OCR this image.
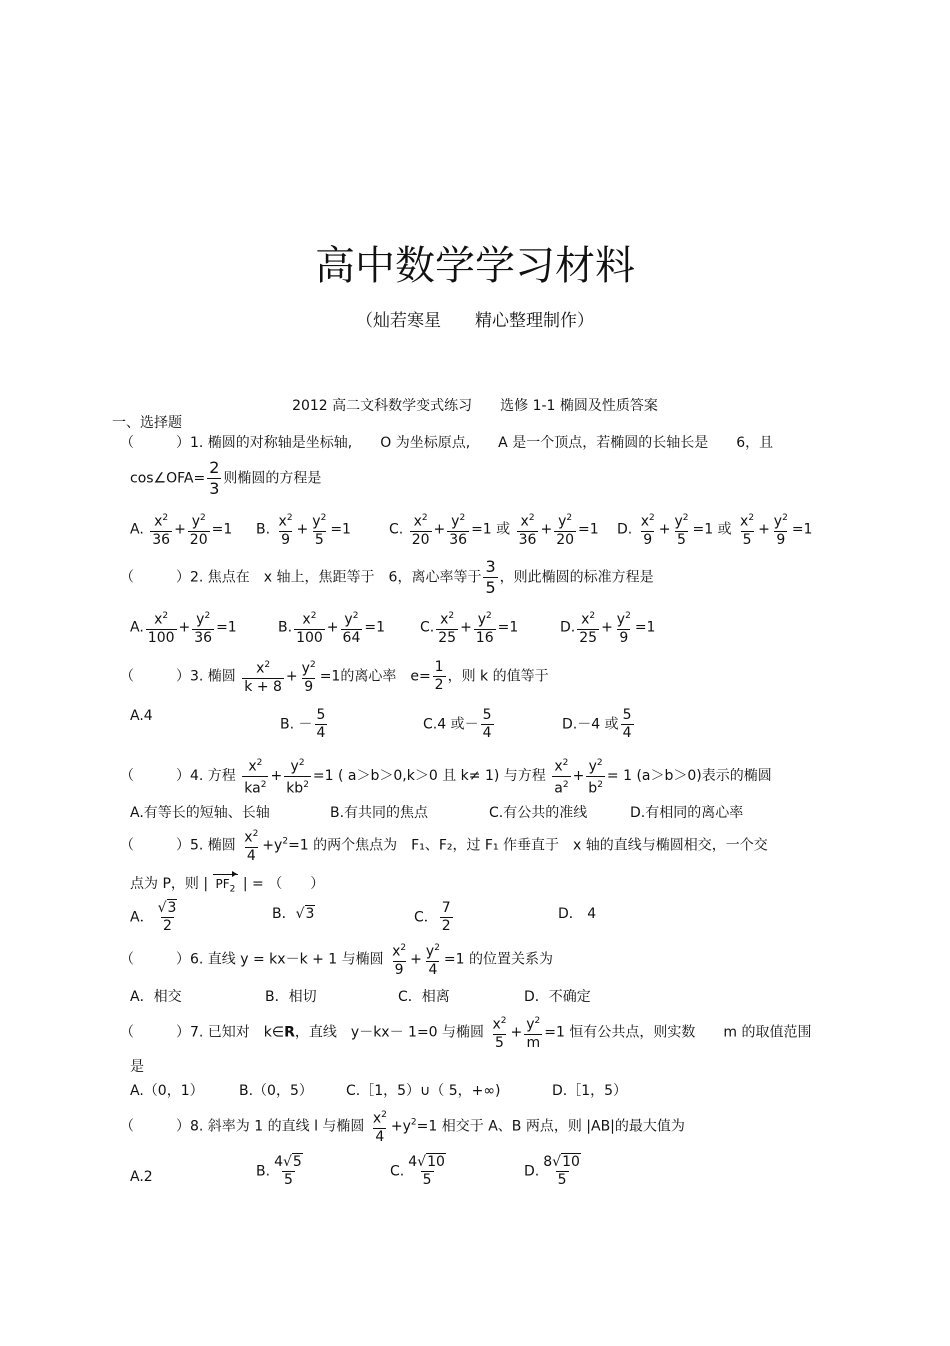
高中数学学习材料
（灿若寒星　　精心整理制作）
2012 高二文科数学变式练习　　选修 1-1 椭圆及性质答案
一、选择题
（　　　）1. 椭圆的对称轴是坐标轴,　　O 为坐标原点,　　A 是一个顶点，若椭圆的长轴长是　　6，且
cos∠OFA= $\frac{2}{3}$ 则椭圆的方程是
A. $\frac{x^2}{36} + \frac{y^2}{20} =1$ B. $\frac{x^2}{9} + \frac{y^2}{5} =1$	C. $\frac{x^2}{20} + \frac{y^2}{36} =1$ 或 $\frac{x^2}{36} + \frac{y^2}{20} =1$ D. $\frac{x^2}{9} + \frac{y^2}{5} =1$ 或 $\frac{x^2}{5} + \frac{y^2}{9} =1$
（　　　）2. 焦点在　x 轴上，焦距等于　6，离心率等于 $\frac{3}{5}$ ，则此椭圆的标准方程是
A. $\frac{x^2}{100} + \frac{y^2}{36} =1$	B. $\frac{x^2}{100} + \frac{y^2}{64} =1$	C. $\frac{x^2}{25} + \frac{y^2}{16} =1$	D. $\frac{x^2}{25} + \frac{y^2}{9} =1$
（　　　）3. 椭圆 $\frac{x^2}{k + 8} + \frac{y^2}{9} =1$的离心率　$e= \frac{1}{2}$ ，则 k 的值等于
A.4
B. － $\frac{5}{4}$	C.4 或－ $\frac{5}{4}$	D.－4 或 $\frac{5}{4}$
（　　　）4. 方程 $\frac{x^2}{ka^2} + \frac{y^2}{kb^2} =1$ ( a＞b＞0,k＞0 且 k≠ 1) 与方程 $\frac{x^2}{a^2} + \frac{y^2}{b^2} = 1$ (a＞b＞0)表示的椭圆
A.有等长的短轴、长轴	B.有共同的焦点	C.有公共的准线	D.有相同的离心率
（　　　）5. 椭圆 $\frac{x^2}{4} +y^2=1$ 的两个焦点为　F₁、F₂，过 F₁ 作垂直于　x 轴的直线与椭圆相交，一个交
点为 P，则 | $PF_2$ | = （　　）
A． $\frac{√3}{2}$	B．√3	C． $\frac{7}{2}$	D． 4
（　　　）6. 直线 y = kx－k + 1 与椭圆 $\frac{x^2}{9} + \frac{y^2}{4} =1$ 的位置关系为
A．相交	B．相切	C．相离	D．不确定
（　　　）7. 已知对　k∈R，直线　y－kx－ 1=0 与椭圆 $\frac{x^2}{5} + \frac{y^2}{m} =1$ 恒有公共点，则实数　　m 的取值范围
是
A.（0，1）	B.（0，5） C.［1，5）∪（ 5，+∞)	D.［1，5）
（　　　）8. 斜率为 1 的直线 l 与椭圆 $\frac{x^2}{4} +y^2=1$ 相交于 A、B 两点，则 |AB|的最大值为
A.2	B. $\frac{4√5}{5}$	C. $\frac{4√10}{5}$	D. $\frac{8√10}{5}$
